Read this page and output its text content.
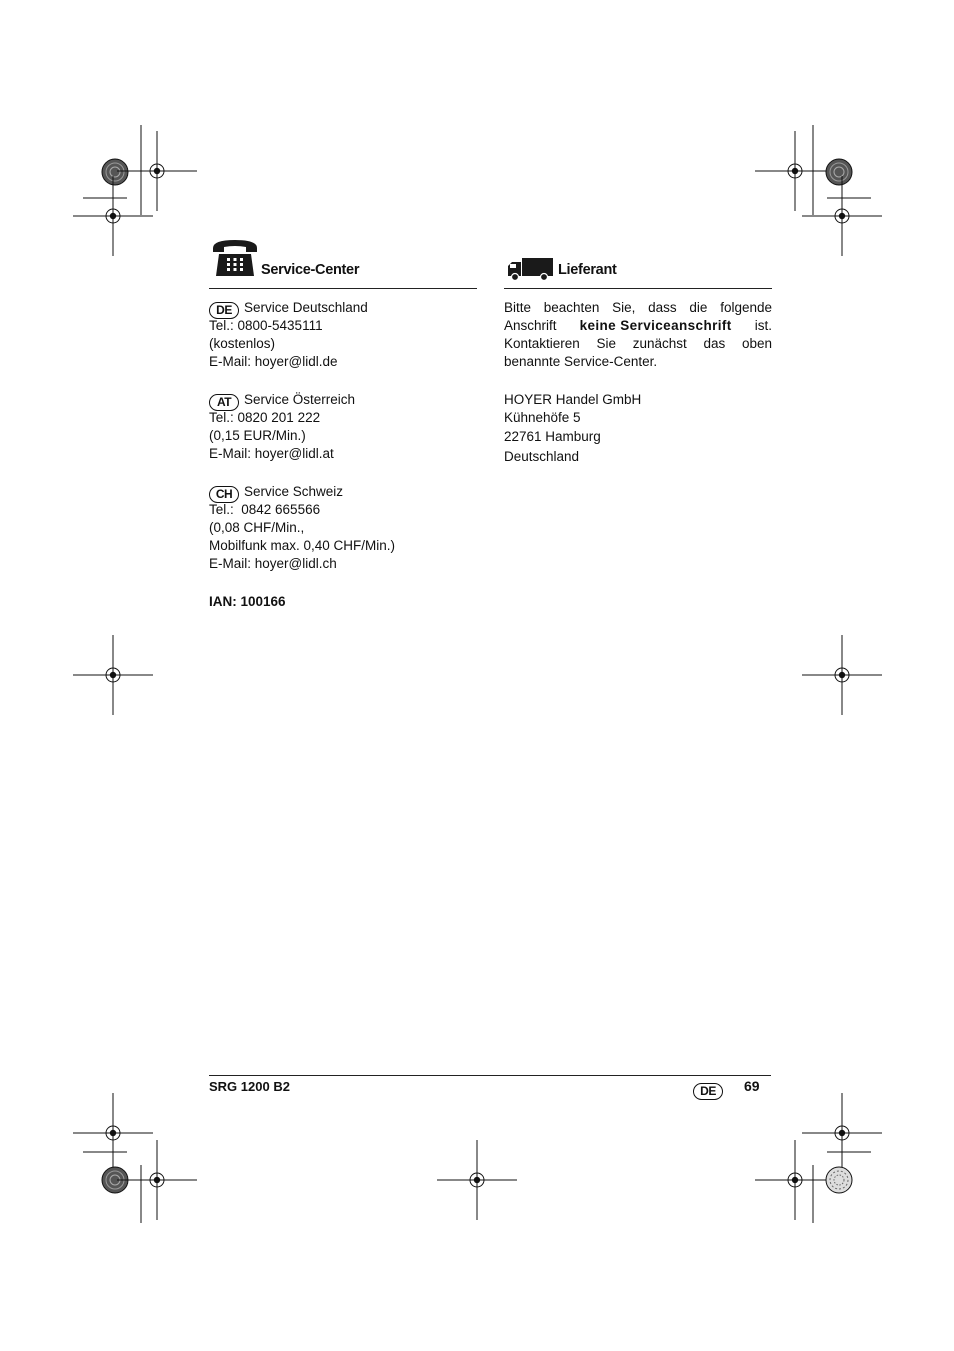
Service-Center
DE Service Deutschland
Tel.: 0800-5435111
(kostenlos)
E-Mail: hoyer@lidl.de
AT Service Österreich
Tel.: 0820 201 222
(0,15 EUR/Min.)
E-Mail: hoyer@lidl.at
CH Service Schweiz
Tel.:  0842 665566
(0,08 CHF/Min.,
Mobilfunk max. 0,40 CHF/Min.)
E-Mail: hoyer@lidl.ch
IAN: 100166
Lieferant
Bitte beachten Sie, dass die folgende
Anschrift keine Serviceanschrift ist.
Kontaktieren Sie zunächst das oben
benannte Service-Center.
HOYER Handel GmbH
Kühnehöfe 5
22761 Hamburg
Deutschland
SRG 1200 B2	DE	69
